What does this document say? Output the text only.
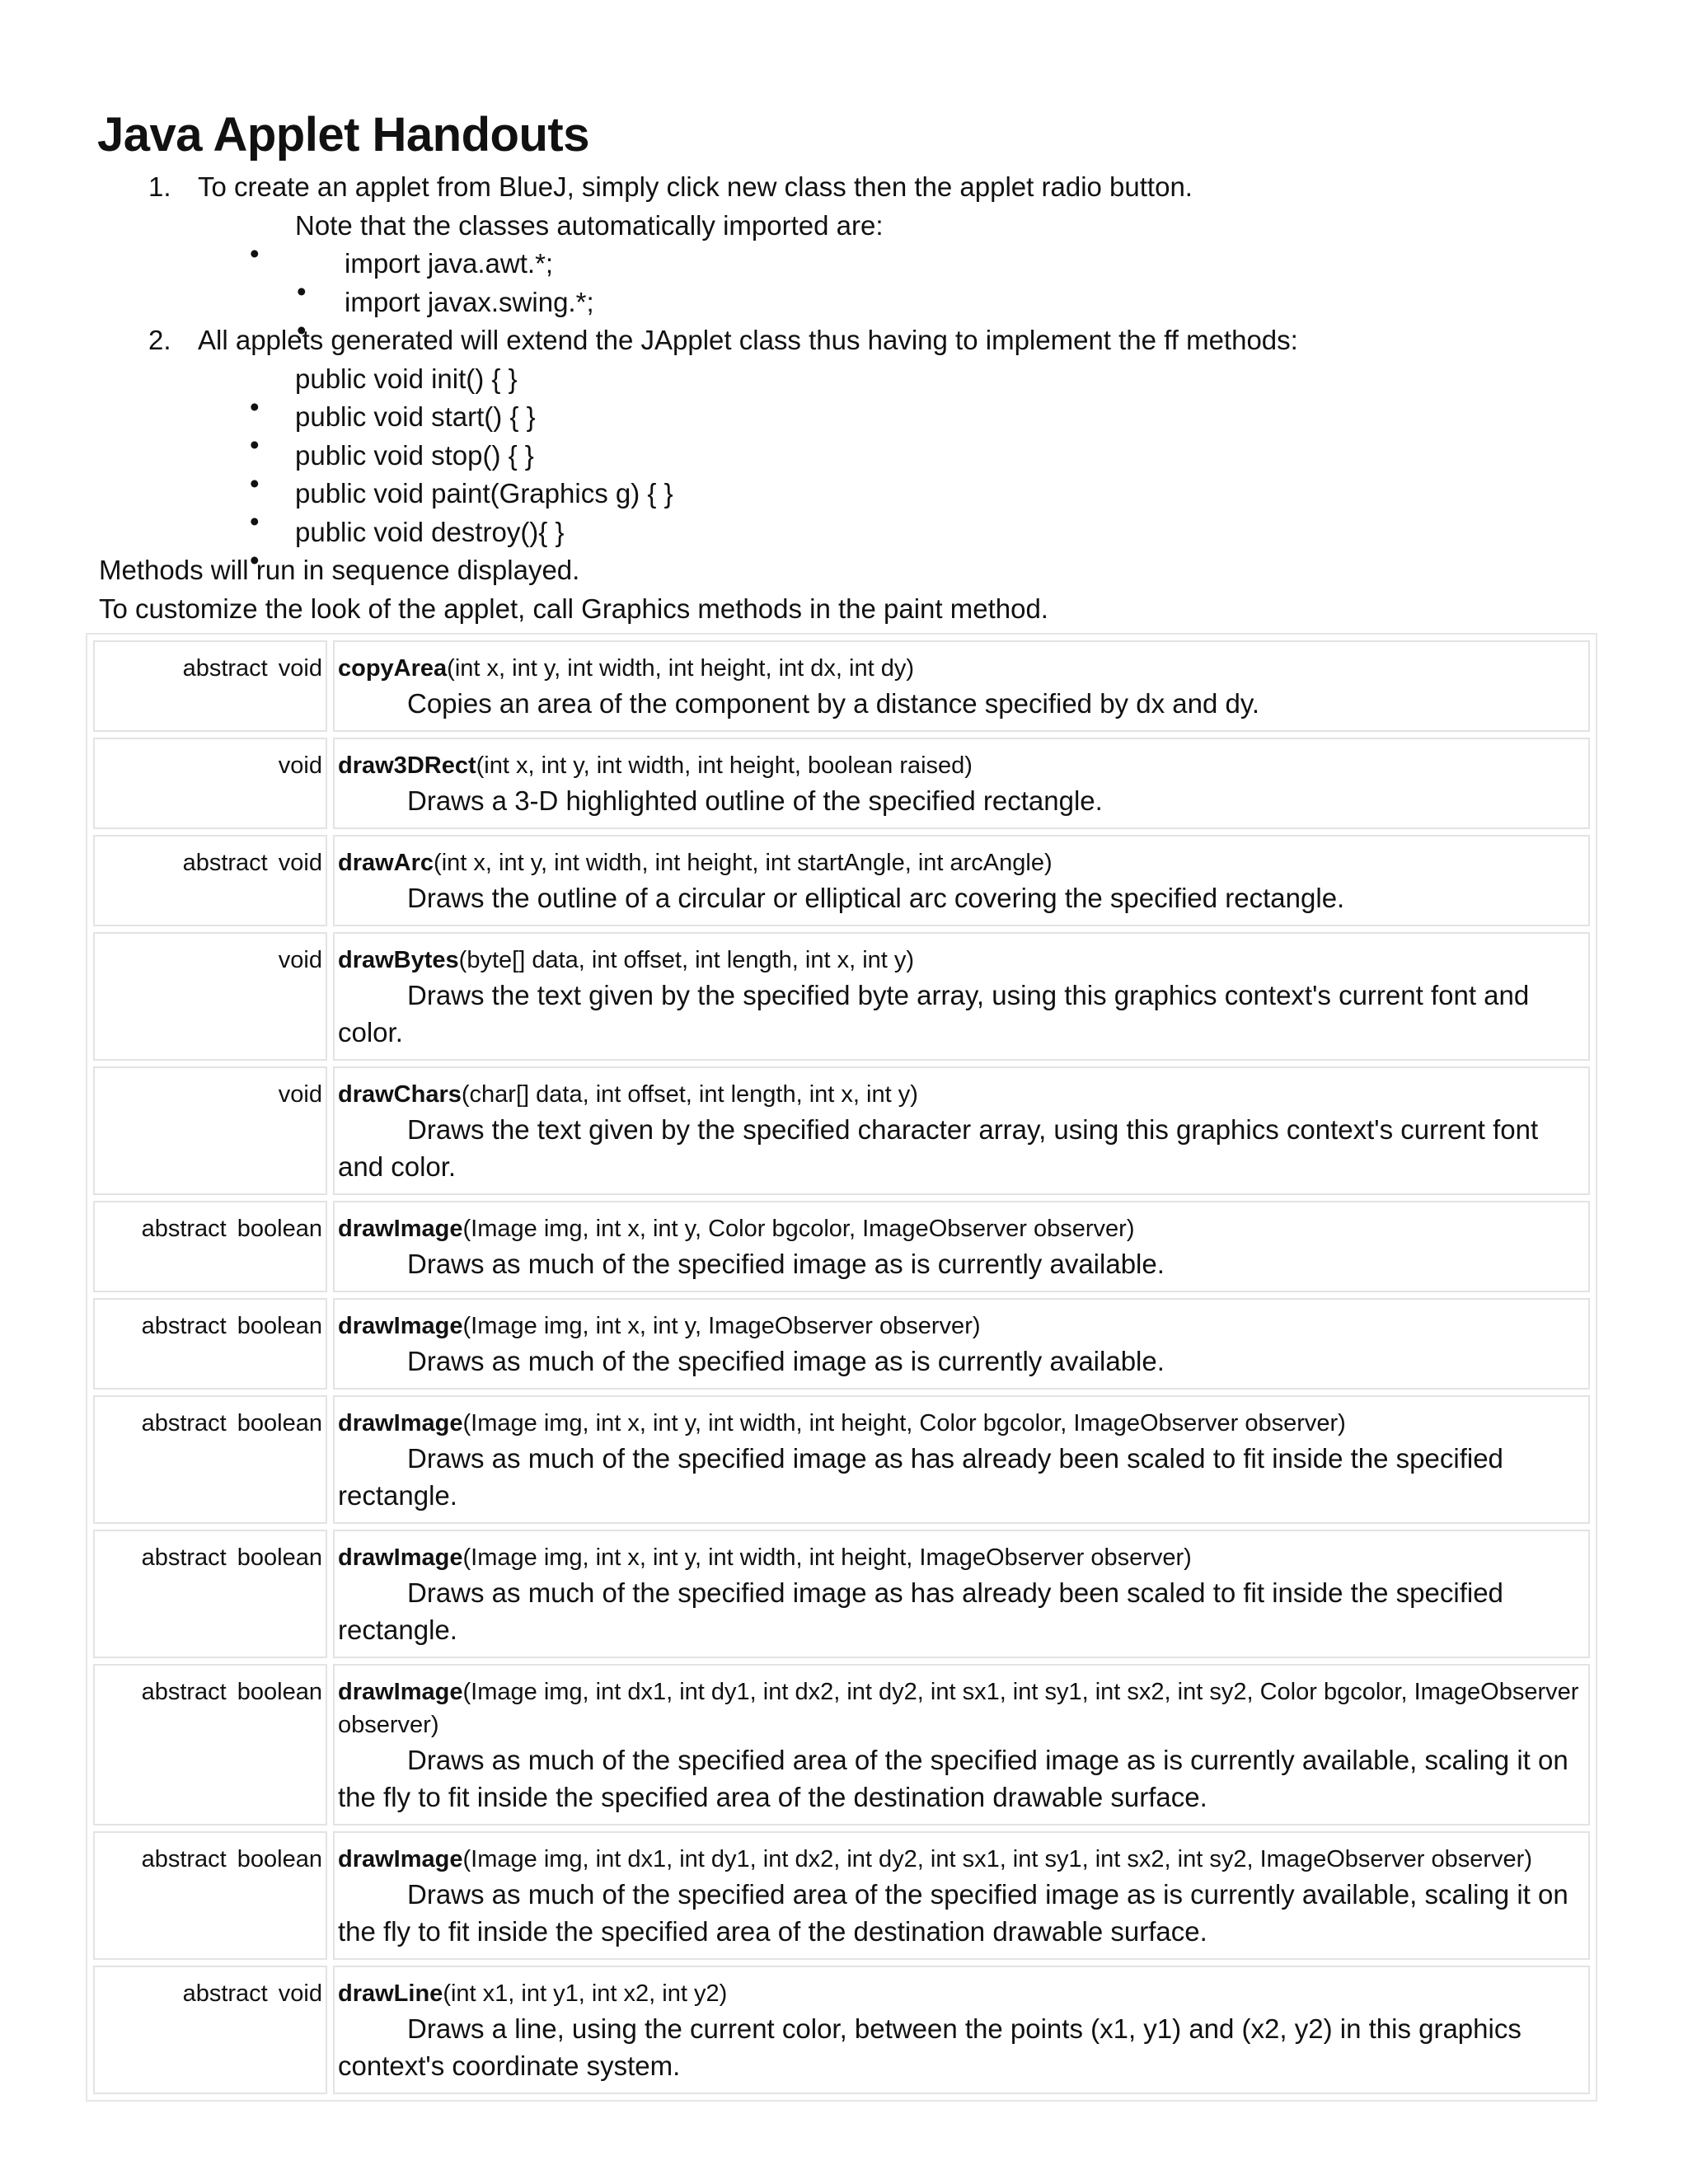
Java Applet Handouts
1. To create an applet from BlueJ, simply click new class then the applet radio button.
Note that the classes automatically imported are:
import java.awt.*;
import javax.swing.*;
2. All applets generated will extend the JApplet class thus having to implement the ff methods:
public void init() { }
public void start() { }
public void stop() { }
public void paint(Graphics g) { }
public void destroy(){ }
Methods will run in sequence displayed.
To customize the look of the applet, call Graphics methods in the paint method.
abstract void	copyArea(int x, int y, int width, int height, int dx, int dy)
Copies an area of the component by a distance specified by dx and dy.

void	draw3DRect(int x, int y, int width, int height, boolean raised)
Draws a 3-D highlighted outline of the specified rectangle.

abstract void	drawArc(int x, int y, int width, int height, int startAngle, int arcAngle)
Draws the outline of a circular or elliptical arc covering the specified rectangle.

void	drawBytes(byte[] data, int offset, int length, int x, int y)
Draws the text given by the specified byte array, using this graphics context's current font and color.

void	drawChars(char[] data, int offset, int length, int x, int y)
Draws the text given by the specified character array, using this graphics context's current font and color.

abstract boolean	drawImage(Image img, int x, int y, Color bgcolor, ImageObserver observer)
Draws as much of the specified image as is currently available.

abstract boolean	drawImage(Image img, int x, int y, ImageObserver observer)
Draws as much of the specified image as is currently available.

abstract boolean	drawImage(Image img, int x, int y, int width, int height, Color bgcolor, ImageObserver observer)
Draws as much of the specified image as has already been scaled to fit inside the specified rectangle.

abstract boolean	drawImage(Image img, int x, int y, int width, int height, ImageObserver observer)
Draws as much of the specified image as has already been scaled to fit inside the specified rectangle.

abstract boolean	drawImage(Image img, int dx1, int dy1, int dx2, int dy2, int sx1, int sy1, int sx2, int sy2, Color bgcolor, ImageObserver observer)
Draws as much of the specified area of the specified image as is currently available, scaling it on the fly to fit inside the specified area of the destination drawable surface.

abstract boolean	drawImage(Image img, int dx1, int dy1, int dx2, int dy2, int sx1, int sy1, int sx2, int sy2, ImageObserver observer)
Draws as much of the specified area of the specified image as is currently available, scaling it on the fly to fit inside the specified area of the destination drawable surface.

abstract void	drawLine(int x1, int y1, int x2, int y2)
Draws a line, using the current color, between the points (x1, y1) and (x2, y2) in this graphics context's coordinate system.
